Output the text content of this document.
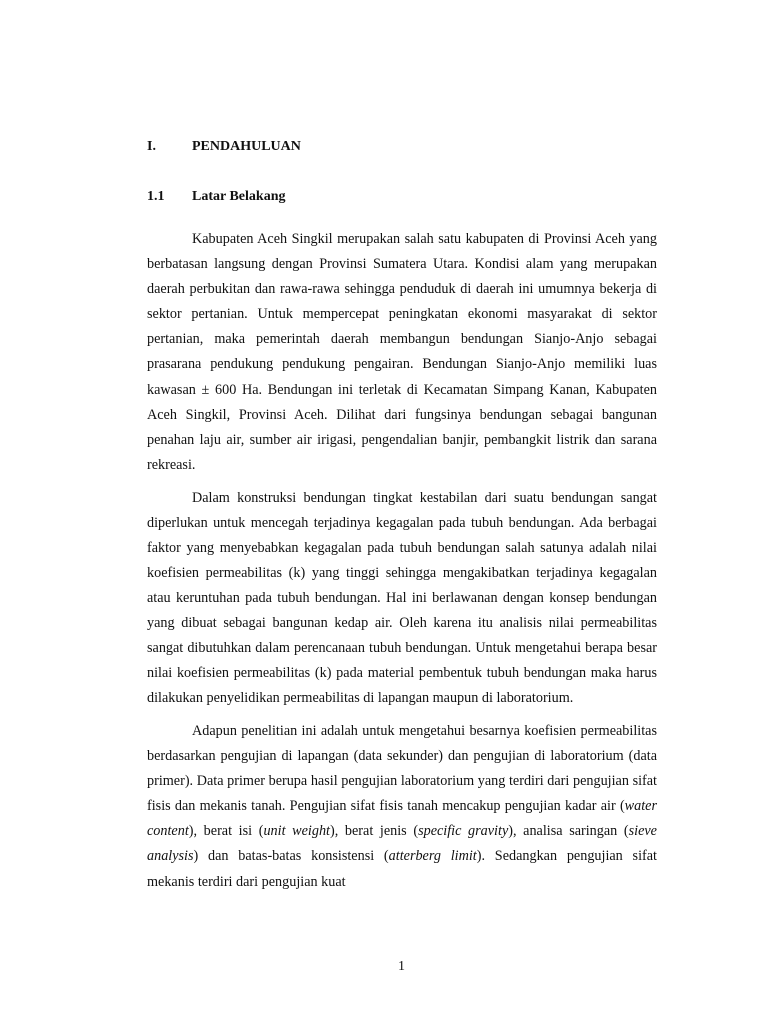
I.	PENDAHULUAN
1.1 Latar Belakang

Kabupaten Aceh Singkil merupakan salah satu kabupaten di Provinsi Aceh yang berbatasan langsung dengan Provinsi Sumatera Utara. Kondisi alam yang merupakan daerah perbukitan dan rawa-rawa sehingga penduduk di daerah ini umumnya bekerja di sektor pertanian. Untuk mempercepat peningkatan ekonomi masyarakat di sektor pertanian, maka pemerintah daerah membangun bendungan Sianjo-Anjo sebagai prasarana pendukung pendukung pengairan. Bendungan Sianjo-Anjo memiliki luas kawasan ± 600 Ha. Bendungan ini terletak di Kecamatan Simpang Kanan, Kabupaten Aceh Singkil, Provinsi Aceh. Dilihat dari fungsinya bendungan sebagai bangunan penahan laju air, sumber air irigasi, pengendalian banjir, pembangkit listrik dan sarana rekreasi.

Dalam konstruksi bendungan tingkat kestabilan dari suatu bendungan sangat diperlukan untuk mencegah terjadinya kegagalan pada tubuh bendungan. Ada berbagai faktor yang menyebabkan kegagalan pada tubuh bendungan salah satunya adalah nilai koefisien permeabilitas (k) yang tinggi sehingga mengakibatkan terjadinya kegagalan atau keruntuhan pada tubuh bendungan. Hal ini berlawanan dengan konsep bendungan yang dibuat sebagai bangunan kedap air. Oleh karena itu analisis nilai permeabilitas sangat dibutuhkan dalam perencanaan tubuh bendungan. Untuk mengetahui berapa besar nilai koefisien permeabilitas (k) pada material pembentuk tubuh bendungan maka harus dilakukan penyelidikan permeabilitas di lapangan maupun di laboratorium.

Adapun penelitian ini adalah untuk mengetahui besarnya koefisien permeabilitas berdasarkan pengujian di lapangan (data sekunder) dan pengujian di laboratorium (data primer). Data primer berupa hasil pengujian laboratorium yang terdiri dari pengujian sifat fisis dan mekanis tanah. Pengujian sifat fisis tanah mencakup pengujian kadar air (water content), berat isi (unit weight), berat jenis (specific gravity), analisa saringan (sieve analysis) dan batas-batas konsistensi (atterberg limit). Sedangkan pengujian sifat mekanis terdiri dari pengujian kuat

1
